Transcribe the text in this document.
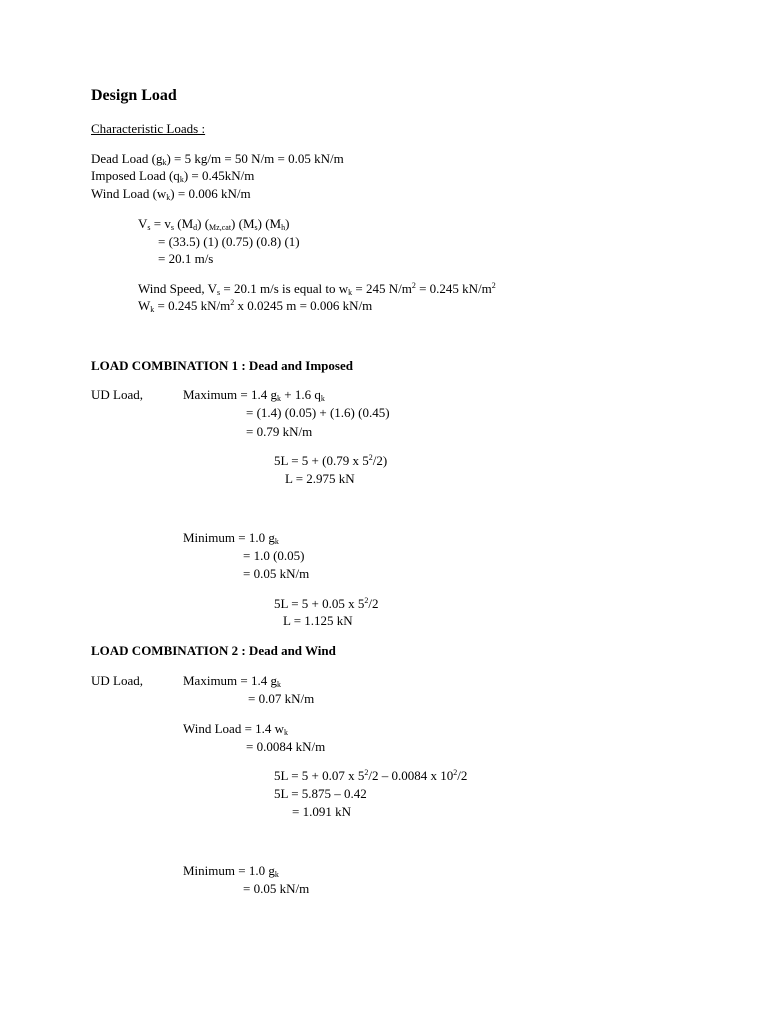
Design Load
Characteristic Loads :
Dead Load $(g_k) = 5$ kg/m = 50 N/m = 0.05 kN/m
Imposed Load $(q_k) = 0.45kN/m$
Wind Load $(w_k) = 0.006$ kN/m
$V_s = v_s$ $(M_d)$ $(_{Mz,cat})$ $(M_s)$ $(M_h)$
= (33.5) (1) (0.75) (0.8) (1)
= 20.1 m/s
Wind Speed, $V_s = 20.1$ m/s is equal to $w_k = 245$ $N/m^2 = 0.245$ $kN/m^2$
$W_k = 0.245$ $kN/m^2$ x 0.0245 m = 0.006 kN/m
LOAD COMBINATION 1 : Dead and Imposed
UD Load,	Maximum = 1.4 $g_k + 1.6$ $q_k$
= (1.4) (0.05) + (1.6) (0.45)
= 0.79 kN/m
5L = 5 + (0.79 x $5^2/2$)
L = 2.975 kN
Minimum = 1.0 $g_k$
= 1.0 (0.05)
= 0.05 kN/m
5L = 5 + 0.05 x $5^2/2$
L = 1.125 kN
LOAD COMBINATION 2 : Dead and Wind
UD Load,	Maximum = 1.4 $g_k$
= 0.07 kN/m
Wind Load = 1.4 $w_k$
= 0.0084 kN/m
5L = 5 + 0.07 x $5^2/2 - 0.0084$ x $10^2/2$
5L = 5.875 – 0.42
= 1.091 kN
Minimum = 1.0 $g_k$
= 0.05 kN/m
